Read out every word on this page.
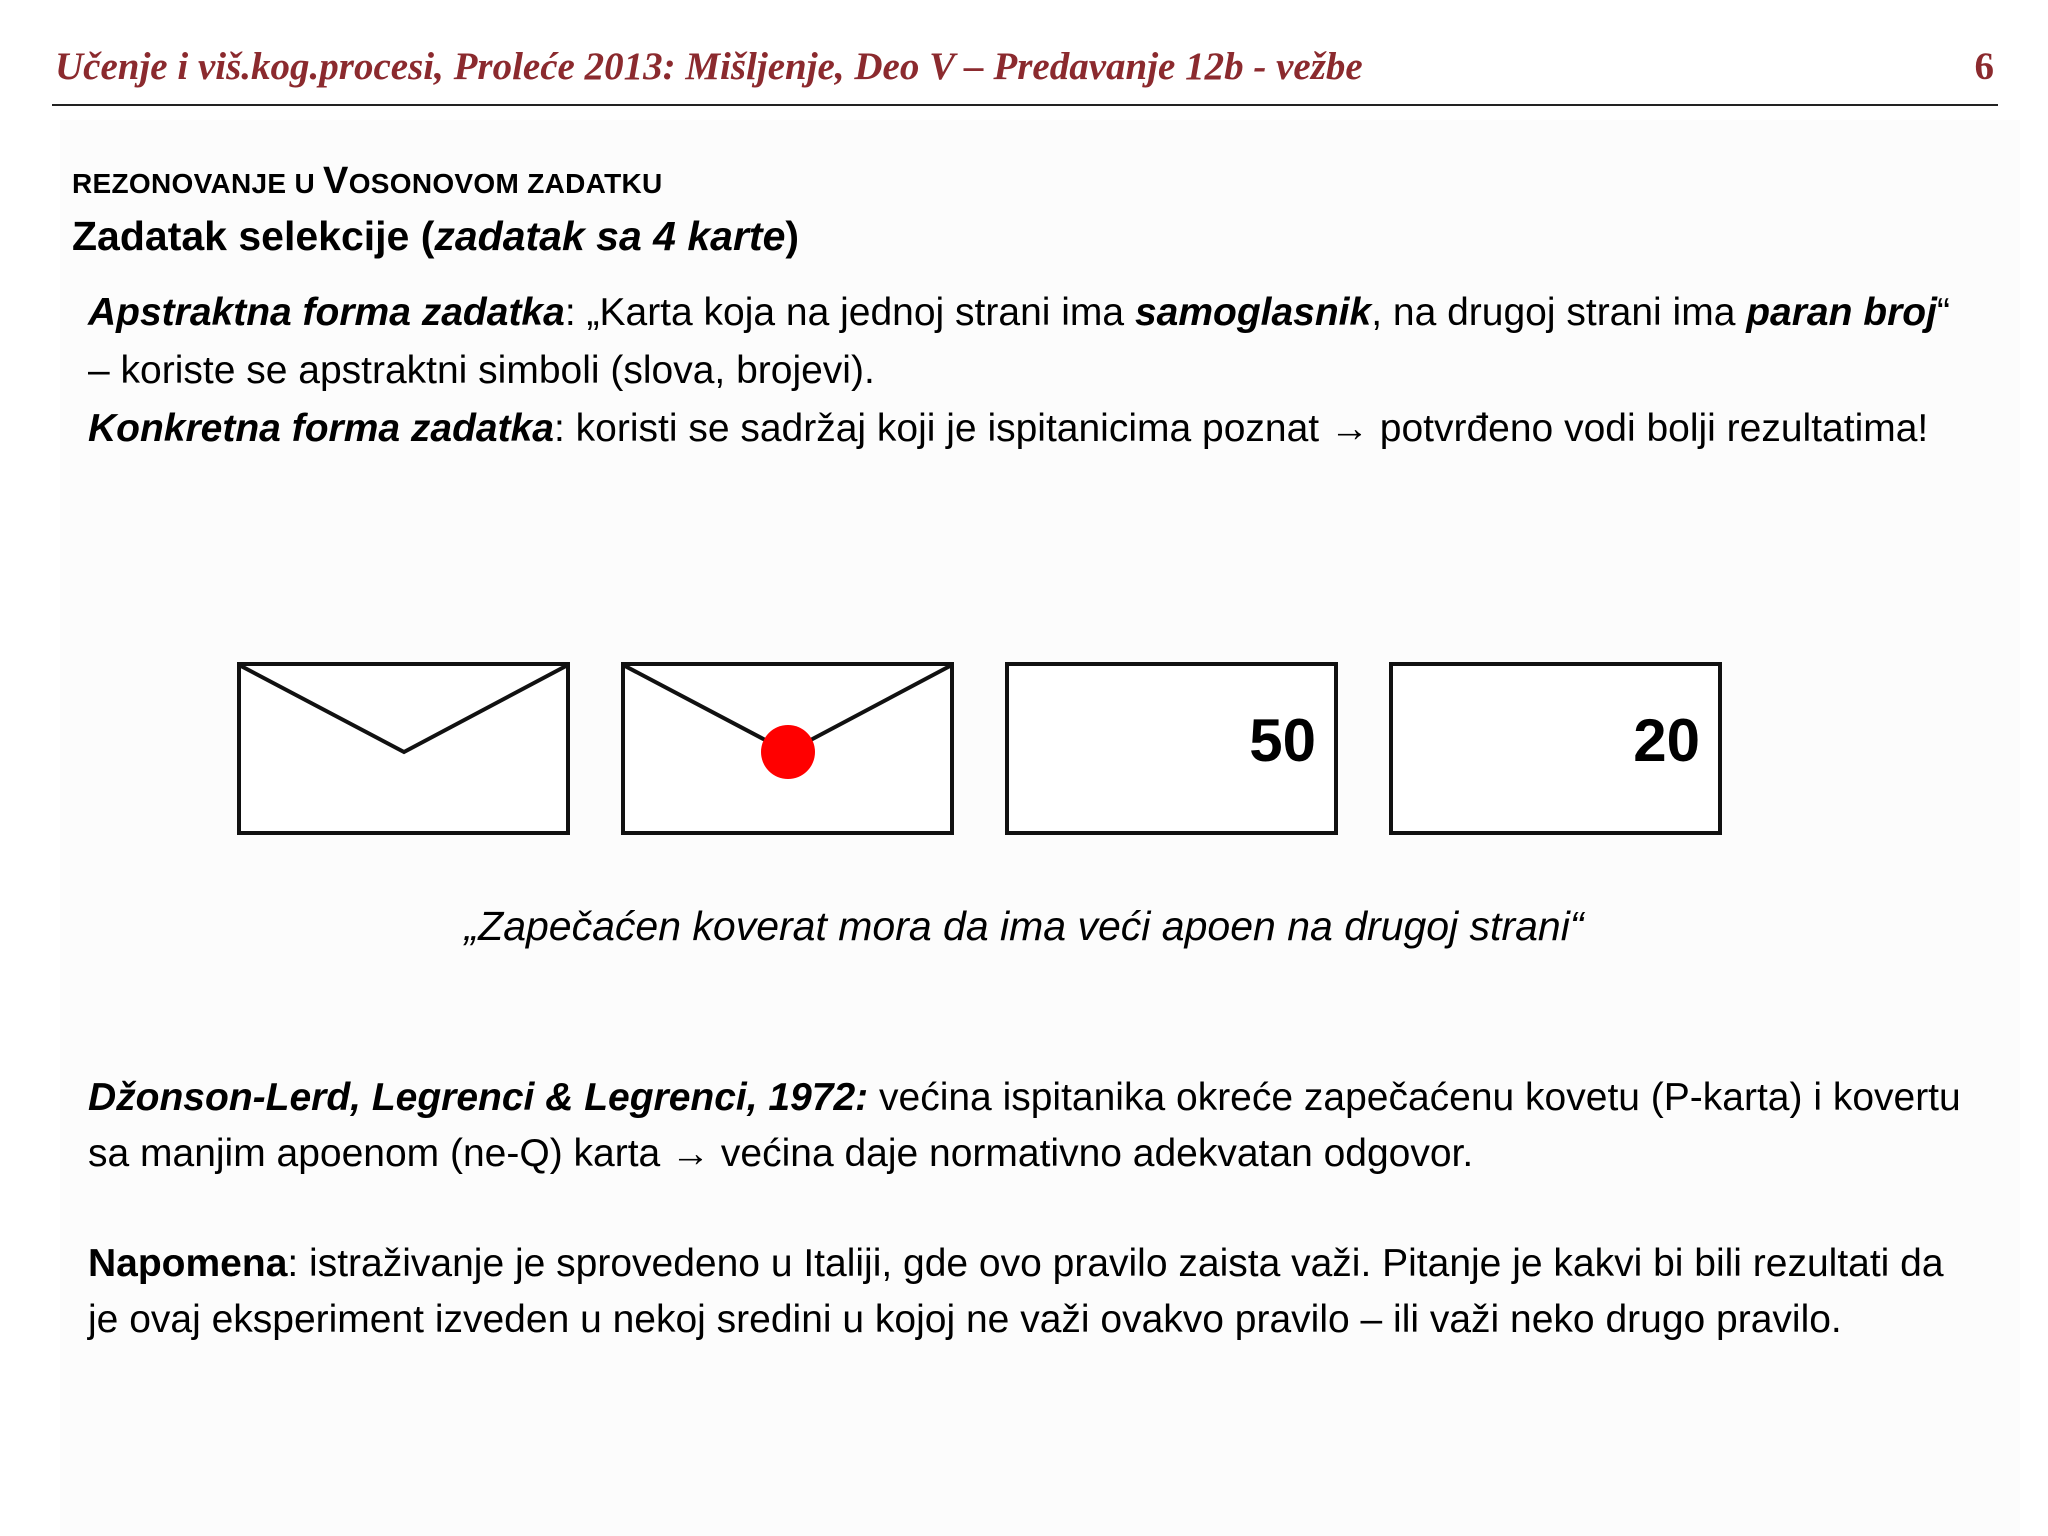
Učenje i viš.kog.procesi, Proleće 2013: Mišljenje, Deo V – Predavanje 12b - vežbe	6
REZONOVANJE U VOSONOVOM ZADATKU
Zadatak selekcije (zadatak sa 4 karte)
Apstraktna forma zadatka: „Karta koja na jednoj strani ima samoglasnik, na drugoj strani ima paran broj“ – koriste se apstraktni simboli (slova, brojevi).
Konkretna forma zadatka: koristi se sadržaj koji je ispitanicima poznat → potvrđeno vodi bolji rezultatima!
50	20
„Zapečaćen koverat mora da ima veći apoen na drugoj strani“
Džonson-Lerd, Legrenci & Legrenci, 1972: većina ispitanika okreće zapečaćenu kovetu (P-karta) i kovertu sa manjim apoenom (ne-Q) karta → većina daje normativno adekvatan odgovor.
Napomena: istraživanje je sprovedeno u Italiji, gde ovo pravilo zaista važi. Pitanje je kakvi bi bili rezultati da je ovaj eksperiment izveden u nekoj sredini u kojoj ne važi ovakvo pravilo – ili važi neko drugo pravilo.
